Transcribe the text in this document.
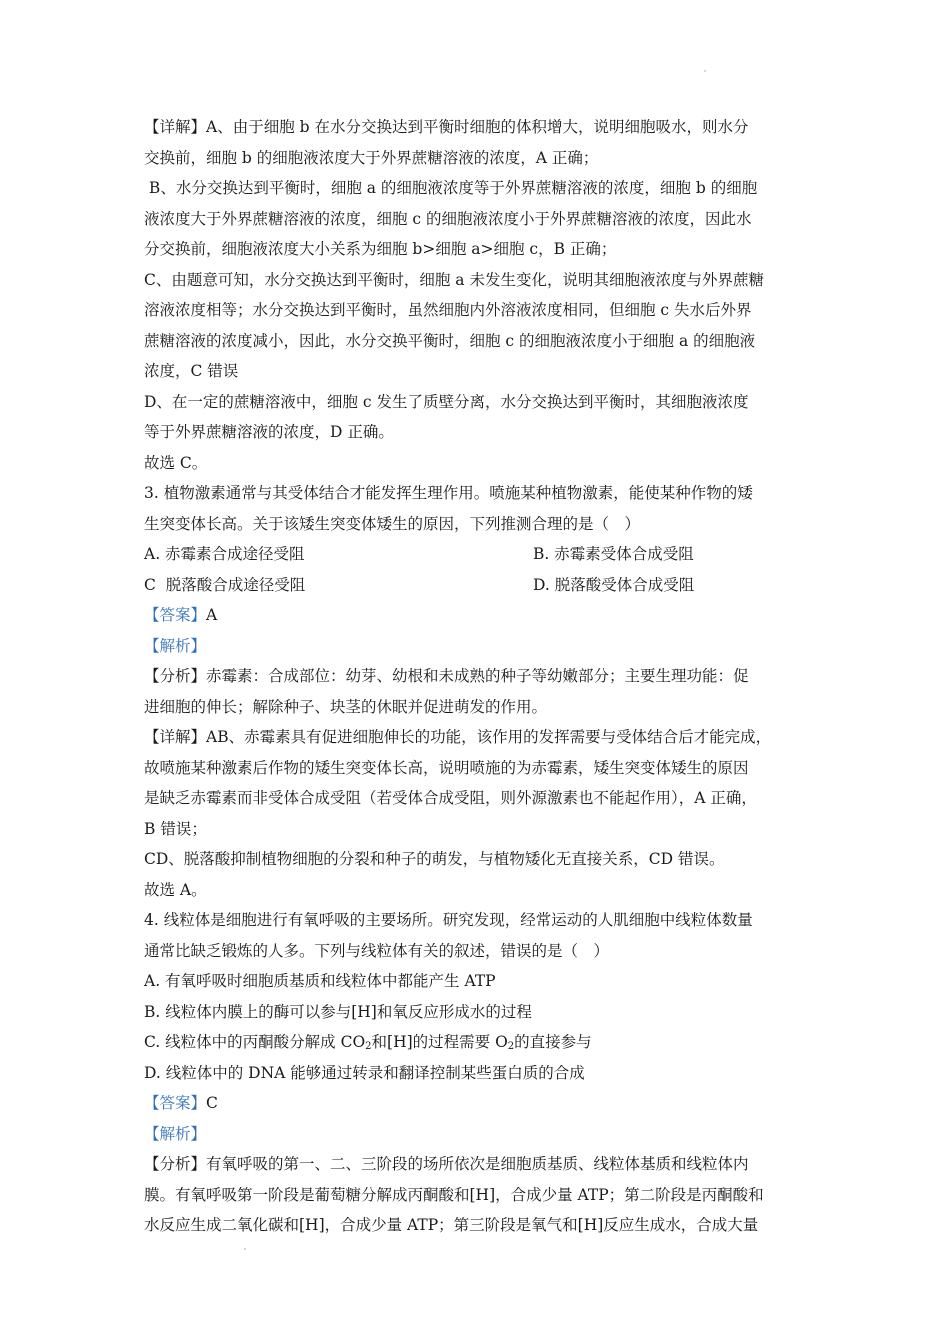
【详解】A、由于细胞 b 在水分交换达到平衡时细胞的体积增大，说明细胞吸水，则水分
交换前，细胞 b 的细胞液浓度大于外界蔗糖溶液的浓度，A 正确；
B、水分交换达到平衡时，细胞 a 的细胞液浓度等于外界蔗糖溶液的浓度，细胞 b 的细胞
液浓度大于外界蔗糖溶液的浓度，细胞 c 的细胞液浓度小于外界蔗糖溶液的浓度，因此水
分交换前，细胞液浓度大小关系为细胞 b>细胞 a>细胞 c，B 正确；
C、由题意可知，水分交换达到平衡时，细胞 a 未发生变化，说明其细胞液浓度与外界蔗糖
溶液浓度相等；水分交换达到平衡时，虽然细胞内外溶液浓度相同，但细胞 c 失水后外界
蔗糖溶液的浓度减小，因此，水分交换平衡时，细胞 c 的细胞液浓度小于细胞 a 的细胞液
浓度，C 错误
D、在一定的蔗糖溶液中，细胞 c 发生了质壁分离，水分交换达到平衡时，其细胞液浓度
等于外界蔗糖溶液的浓度，D 正确。
故选 C。
3. 植物激素通常与其受体结合才能发挥生理作用。喷施某种植物激素，能使某种作物的矮
生突变体长高。关于该矮生突变体矮生的原因，下列推测合理的是（　）
A. 赤霉素合成途径受阻	B. 赤霉素受体合成受阻
C  脱落酸合成途径受阻	D. 脱落酸受体合成受阻
【答案】A
【解析】
【分析】赤霉素：合成部位：幼芽、幼根和未成熟的种子等幼嫩部分；主要生理功能：促
进细胞的伸长；解除种子、块茎的休眠并促进萌发的作用。
【详解】AB、赤霉素具有促进细胞伸长的功能，该作用的发挥需要与受体结合后才能完成，
故喷施某种激素后作物的矮生突变体长高，说明喷施的为赤霉素，矮生突变体矮生的原因
是缺乏赤霉素而非受体合成受阻（若受体合成受阻，则外源激素也不能起作用），A 正确，
B 错误；
CD、脱落酸抑制植物细胞的分裂和种子的萌发，与植物矮化无直接关系，CD 错误。
故选 A。
4. 线粒体是细胞进行有氧呼吸的主要场所。研究发现，经常运动的人肌细胞中线粒体数量
通常比缺乏锻炼的人多。下列与线粒体有关的叙述，错误的是（　）
A. 有氧呼吸时细胞质基质和线粒体中都能产生 ATP
B. 线粒体内膜上的酶可以参与[H]和氧反应形成水的过程
C. 线粒体中的丙酮酸分解成 $CO_2$和[H]的过程需要 $O_2$的直接参与
D. 线粒体中的 DNA 能够通过转录和翻译控制某些蛋白质的合成
【答案】C
【解析】
【分析】有氧呼吸的第一、二、三阶段的场所依次是细胞质基质、线粒体基质和线粒体内
膜。有氧呼吸第一阶段是葡萄糖分解成丙酮酸和[H]，合成少量 ATP；第二阶段是丙酮酸和
水反应生成二氧化碳和[H]，合成少量 ATP；第三阶段是氧气和[H]反应生成水，合成大量
